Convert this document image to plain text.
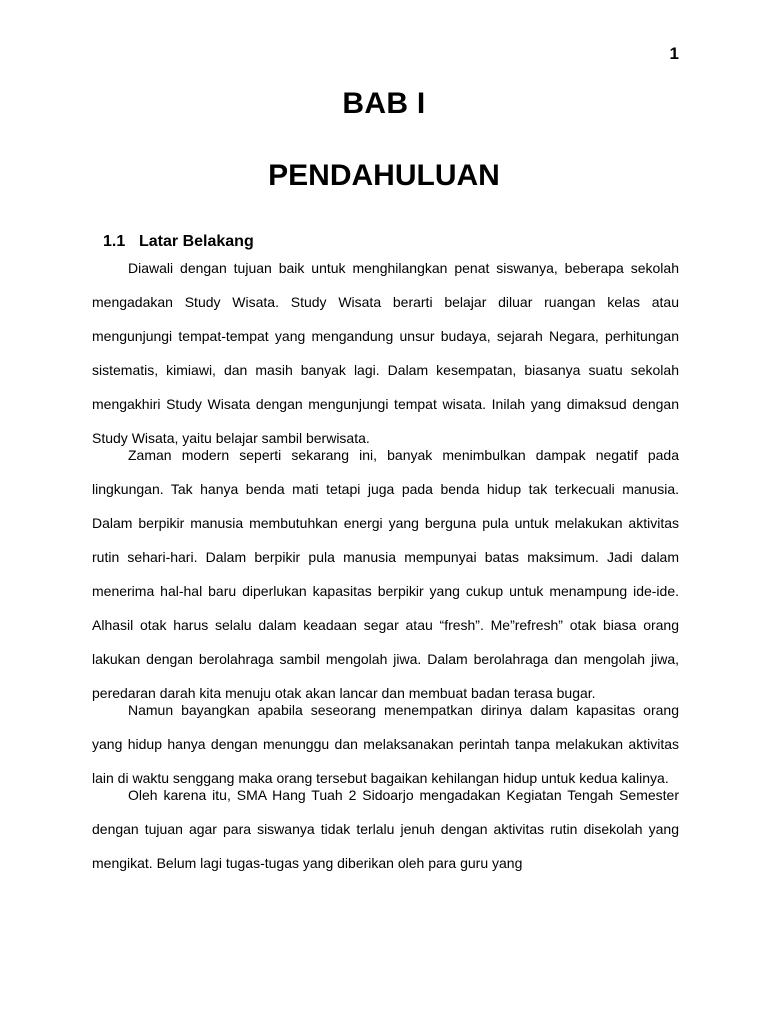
1
BAB I
PENDAHULUAN
1.1 Latar Belakang

Diawali dengan tujuan baik untuk menghilangkan penat siswanya, beberapa sekolah mengadakan Study Wisata. Study Wisata berarti belajar diluar ruangan kelas atau mengunjungi tempat-tempat yang mengandung unsur budaya, sejarah Negara, perhitungan sistematis, kimiawi, dan masih banyak lagi. Dalam kesempatan, biasanya suatu sekolah mengakhiri Study Wisata dengan mengunjungi tempat wisata. Inilah yang dimaksud dengan Study Wisata, yaitu belajar sambil berwisata.

Zaman modern seperti sekarang ini, banyak menimbulkan dampak negatif pada lingkungan. Tak hanya benda mati tetapi juga pada benda hidup tak terkecuali manusia. Dalam berpikir manusia membutuhkan energi yang berguna pula untuk melakukan aktivitas rutin sehari-hari. Dalam berpikir pula manusia mempunyai batas maksimum. Jadi dalam menerima hal-hal baru diperlukan kapasitas berpikir yang cukup untuk menampung ide-ide. Alhasil otak harus selalu dalam keadaan segar atau “fresh”. Me”refresh” otak biasa orang lakukan dengan berolahraga sambil mengolah jiwa. Dalam berolahraga dan mengolah jiwa, peredaran darah kita menuju otak akan lancar dan membuat badan terasa bugar.

Namun bayangkan apabila seseorang menempatkan dirinya dalam kapasitas orang yang hidup hanya dengan menunggu dan melaksanakan perintah tanpa melakukan aktivitas lain di waktu senggang maka orang tersebut bagaikan kehilangan hidup untuk kedua kalinya.

Oleh karena itu, SMA Hang Tuah 2 Sidoarjo mengadakan Kegiatan Tengah Semester dengan tujuan agar para siswanya tidak terlalu jenuh dengan aktivitas rutin disekolah yang mengikat. Belum lagi tugas-tugas yang diberikan oleh para guru yang
